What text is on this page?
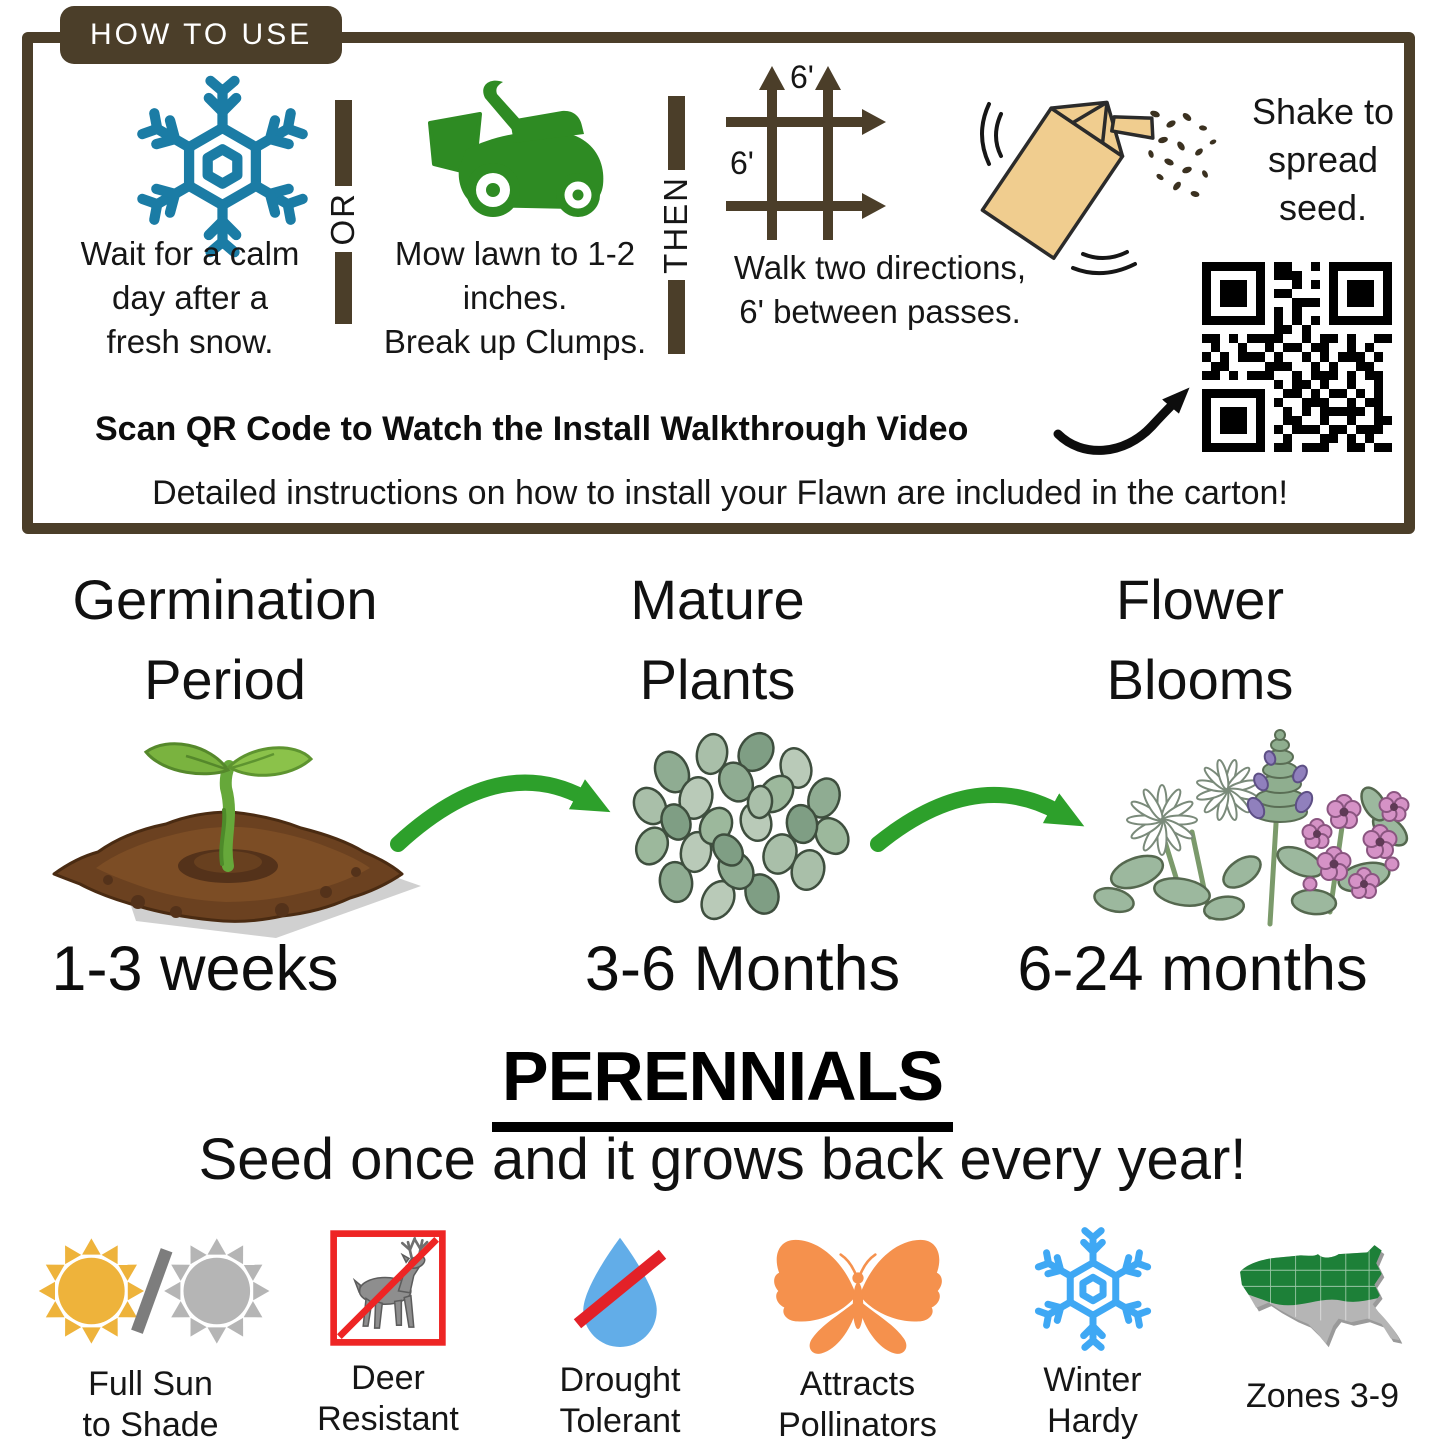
HOW TO USE
Wait for a calm
day after a
fresh snow.
OR
Mow lawn to 1-2
inches.
Break up Clumps.
THEN
6'
6'
Walk two directions,
6' between passes.
Shake to
spread
seed.
Scan QR Code to Watch the Install Walkthrough Video
Detailed instructions on how to install your Flawn are included in the carton!
Germination
Period
Mature
Plants
Flower
Blooms
1-3 weeks	3-6 Months	6-24 months
PERENNIALS
Seed once and it grows back every year!
Full Sun
to Shade
Deer
Resistant
Drought
Tolerant
Attracts
Pollinators
Winter
Hardy
Zones 3-9
